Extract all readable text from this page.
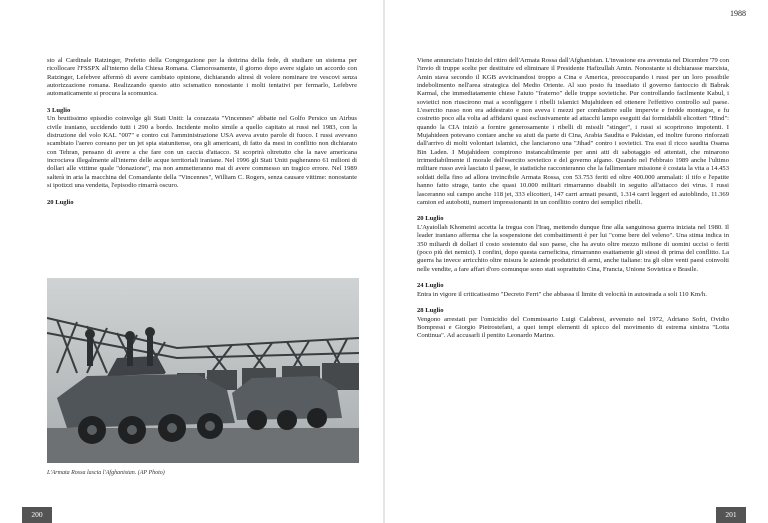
1988

sto al Cardinale Ratzinger, Prefetto della Congregazione per la dottrina della fede, di studiare un sistema per ricollocare l'FSSPX all'interno della Chiesa Romana. Clamorosamente, il giorno dopo avere siglato un accordo con Ratzinger, Lefebvre affermò di avere cambiato opinione, dichiarando altresì di volere nominare tre vescovi senza autorizzazione romana. Realizzando questo atto scismatico nonostante i molti tentativi per fermarlo, Lefebvre automaticamente si procura la scomunica.

3 Luglio
Un bruttissimo episodio coinvolge gli Stati Uniti: la corazzata "Vincennes" abbatte nel Golfo Persico un Airbus civile iraniano, uccidendo tutti i 290 a bordo. Incidente molto simile a quello capitato ai russi nel 1983, con la distruzione del volo KAL "007" e contro cui l'amministrazione USA aveva avuto parole di fuoco. I russi avevano scambiato l'aereo coreano per un jet spia statunitense, ora gli americani, di fatto da mesi in conflitto non dichiarato con Tehran, pensano di avere a che fare con un caccia d'attacco. Si scoprirà oltretutto che la nave americana incrociava illegalmente all'interno delle acque territoriali iraniane. Nel 1996 gli Stati Uniti pagheranno 61 milioni di dollari alle vittime quale "donazione", ma non ammetteranno mai di avere commesso un tragico errore. Nel 1989 salterà in aria la macchina del Comandante della "Vincennes", William C. Rogers, senza causare vittime: nonostante si ipotizzi una vendetta, l'episodio rimarrà oscuro.

20 Luglio

L'Armata Rossa lascia l'Afghanistan. (AP Photo)
200

Viene annunciato l'inizio del ritiro dell'Armata Rossa dall'Afghanistan. L'invasione era avvenuta nel Dicembre '79 con l'invio di truppe scelte per destituire ed eliminare il Presidente Hafizullah Amin. Nonostante si dichiarasse marxista, Amin stava secondo il KGB avvicinandosi troppo a Cina e America, preoccupando i russi per un loro possibile indebolimento nell'area strategica del Medio Oriente. Al suo posto fu insediato il governo fantoccio di Babrak Karmal, che immediatamente chiese l'aiuto "fraterno" delle truppe sovietiche. Pur controllando facilmente Kabul, i sovietici non riuscirono mai a sconfiggere i ribelli islamici Mujahideen ed ottenere l'effettivo controllo sul paese. L'esercito russo non era addestrato e non aveva i mezzi per combattere sulle impervie e fredde montagne, e fu costretto poco alla volta ad affidarsi quasi esclusivamente ad attacchi lampo eseguiti dai formidabili elicotteri "Hind": quando la CIA iniziò a fornire generosamente i ribelli di missili "stinger", i russi si scoprirono impotenti. I Mujahideen potevano contare anche su aiuti da parte di Cina, Arabia Saudita e Pakistan, ed inoltre furono rinforzati dall'arrivo di molti volontari islamici, che lanciarono una "Jihad" contro i sovietici. Tra essi il ricco saudita Osama Bin Laden. I Mujahideen compirono instancabilmente per anni atti di sabotaggio ed attentati, che minarono irrimediabilmente il morale dell'esercito sovietico e del governo afgano. Quando nel Febbraio 1989 anche l'ultimo militare russo avrà lasciato il paese, le statistiche racconteranno che la fallimentare missione è costata la vita a 14.453 soldati della fino ad allora invincibile Armata Rossa, con 53.753 feriti ed oltre 400.000 ammalati: il tifo e l'epatite hanno fatto strage, tanto che quasi 10.000 militari rimarranno disabili in seguito all'attacco dei virus. I russi lasceranno sul campo anche 118 jet, 333 elicotteri, 147 carri armati pesanti, 1.314 carri leggeri ed autoblindo, 11.369 camion ed autobotti, numeri impressionanti in un conflitto contro dei semplici ribelli.

20 Luglio
L'Ayatollah Khomeini accetta la tregua con l'Iraq, mettendo dunque fine alla sanguinosa guerra iniziata nel 1980. Il leader iraniano afferma che la sospensione dei combattimenti è per lui "come bere del veleno". Una stima indica in 350 miliardi di dollari il costo sostenuto dal suo paese, che ha avuto oltre mezzo milione di uomini uccisi o feriti (poco più dei nemici). I confini, dopo questa carneficina, rimarranno esattamente gli stessi di prima del conflitto. La guerra ha invece arricchito oltre misura le aziende produttrici di armi, anche italiane: tra gli oltre venti paesi coinvolti nelle vendite, a fare affari d'oro comunque sono stati soprattutto Cina, Francia, Unione Sovietica e Brasile.

24 Luglio
Entra in vigore il criticatissimo "Decreto Ferri" che abbassa il limite di velocità in autostrada a soli 110 Km/h.

28 Luglio
Vengono arrestati per l'omicidio del Commissario Luigi Calabresi, avvenuto nel 1972, Adriano Sofri, Ovidio Bompressi e Giorgio Pietrostefani, a quei tempi elementi di spicco del movimento di estrema sinistra "Lotta Continua". Ad accusarli il pentito Leonardo Marino.

201
